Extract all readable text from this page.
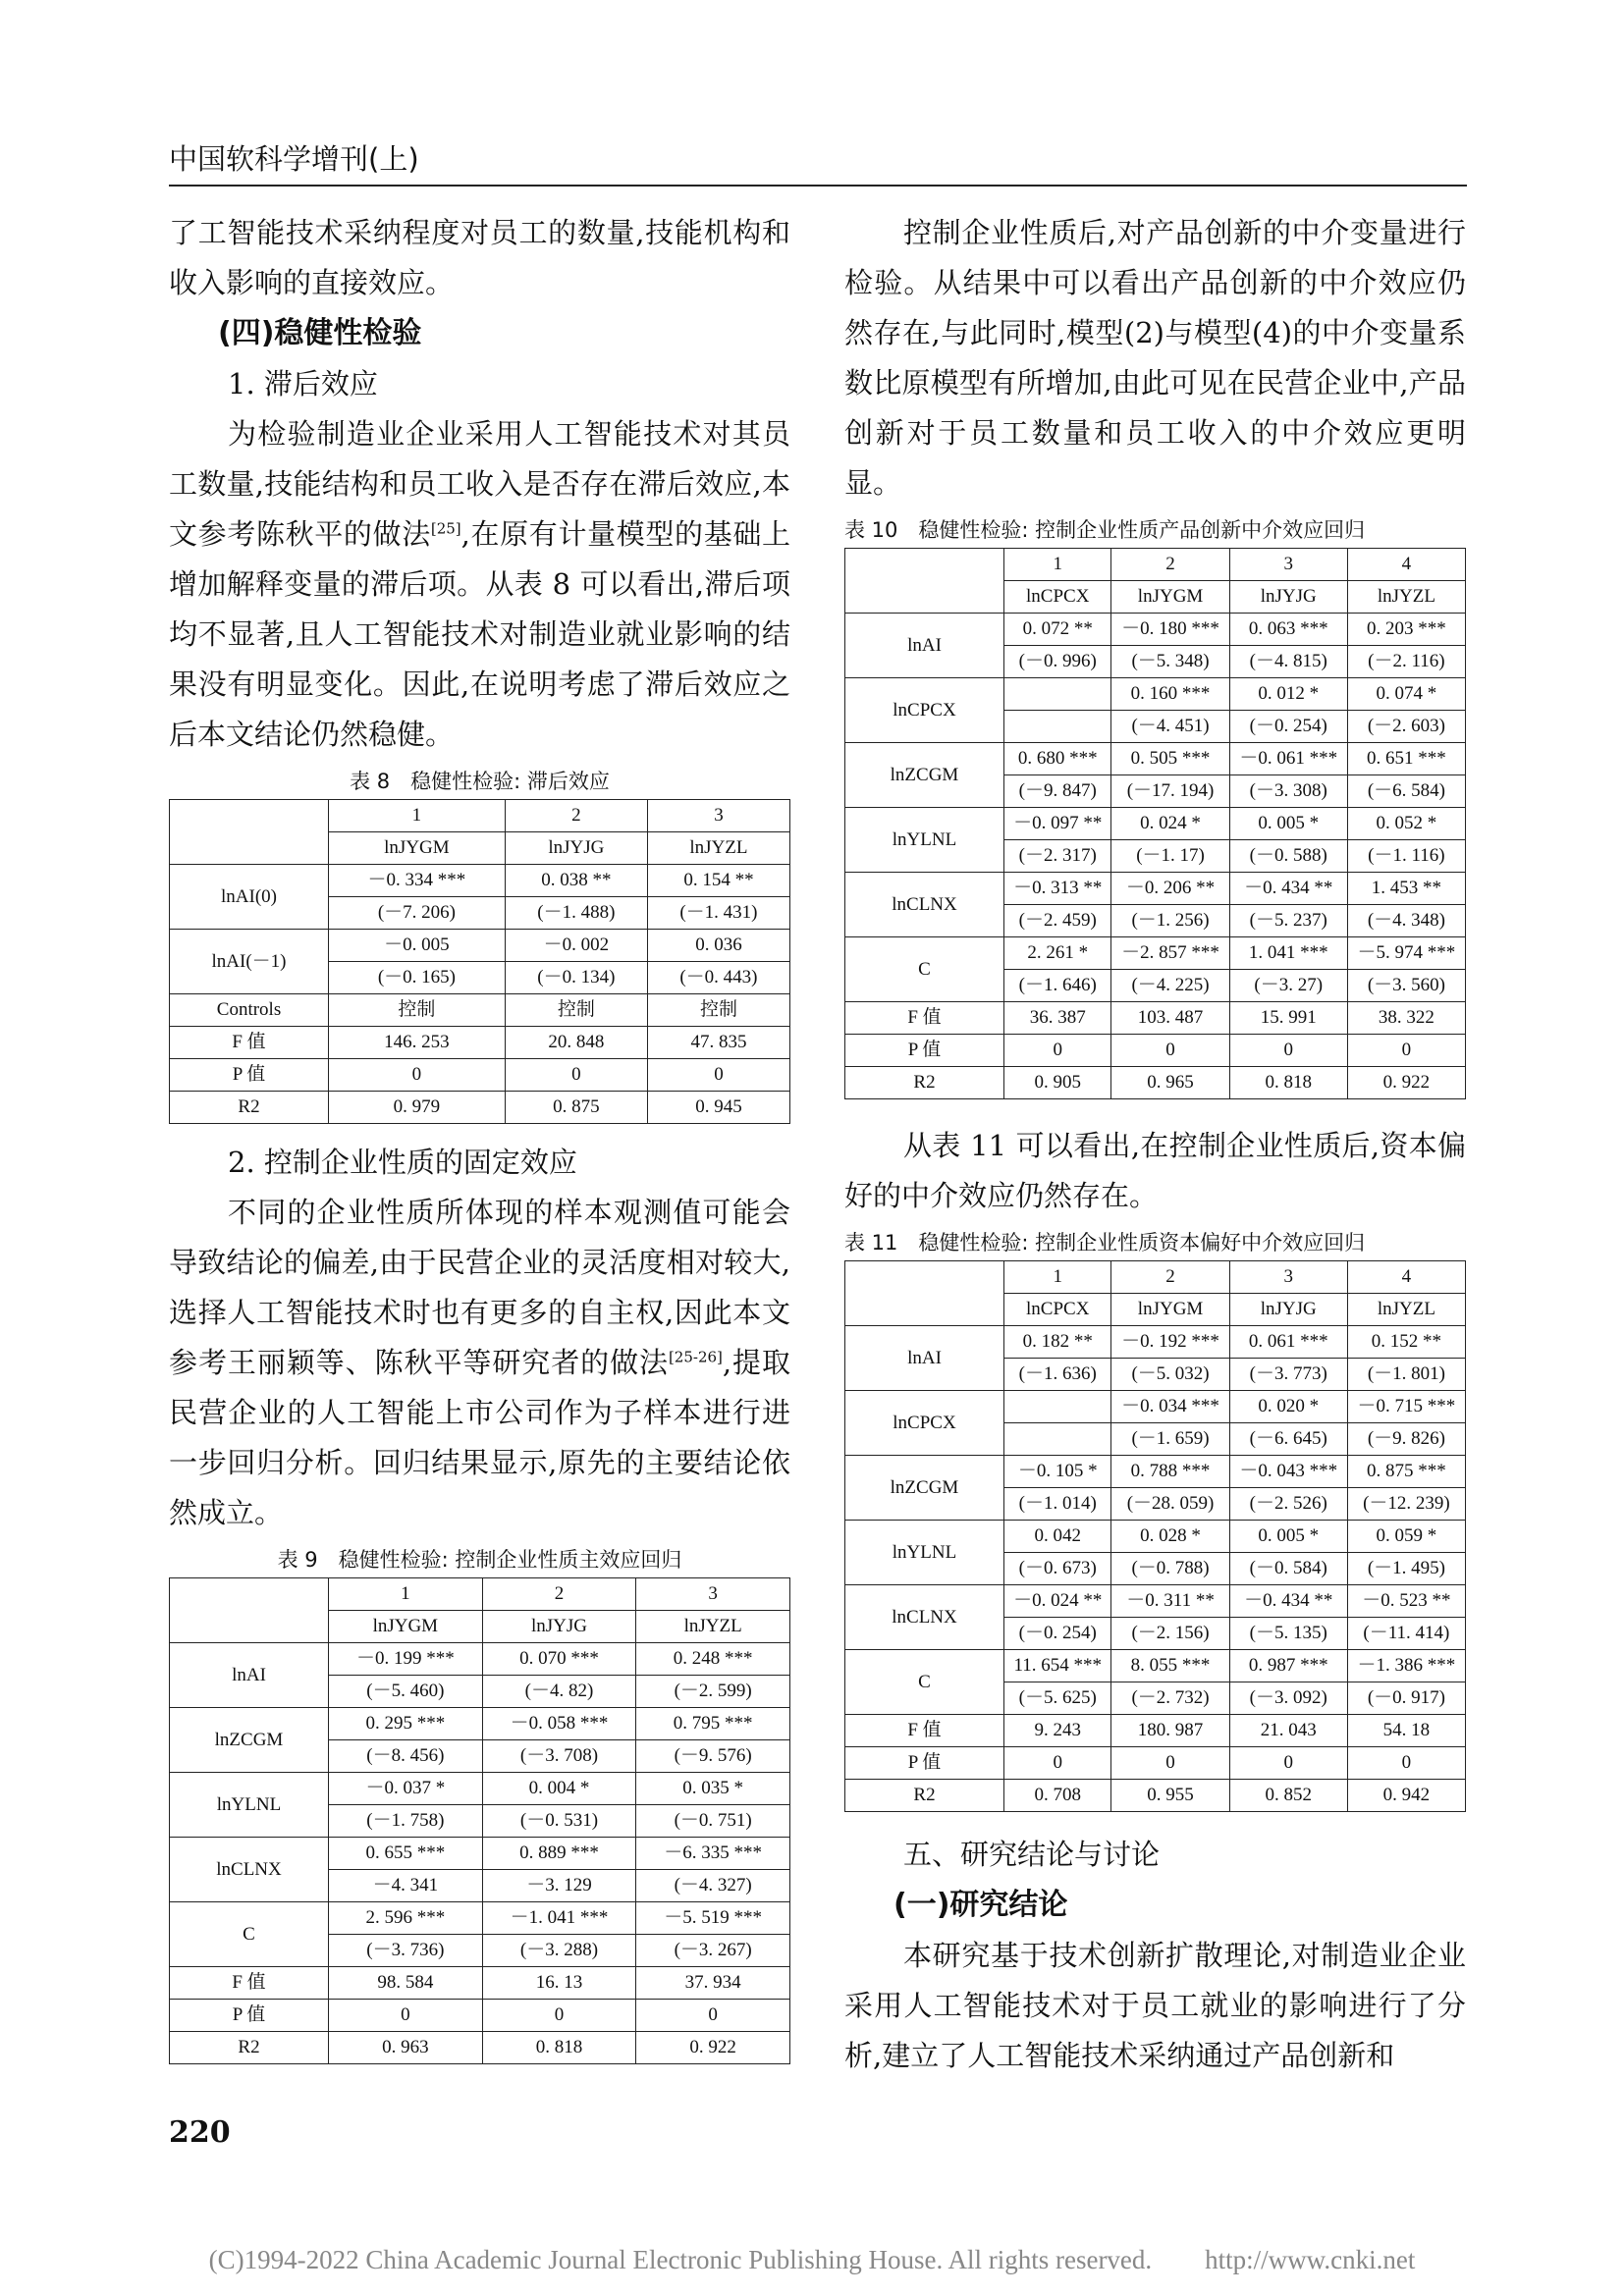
中国软科学增刊(上)

了工智能技术采纳程度对员工的数量,技能机构和收入影响的直接效应。

(四)稳健性检验

1. 滞后效应

为检验制造业企业采用人工智能技术对其员工数量,技能结构和员工收入是否存在滞后效应,本文参考陈秋平的做法[25],在原有计量模型的基础上增加解释变量的滞后项。从表 8 可以看出,滞后项均不显著,且人工智能技术对制造业就业影响的结果没有明显变化。因此,在说明考虑了滞后效应之后本文结论仍然稳健。

表 8　稳健性检验: 滞后效应
	1	2	3
	lnJYGM	lnJYJG	lnJYZL
lnAI(0)	－0. 334 ***	0. 038 **	0. 154 **
	(－7. 206)	(－1. 488)	(－1. 431)
lnAI(－1)	－0. 005	－0. 002	0. 036
	(－0. 165)	(－0. 134)	(－0. 443)
Controls	控制	控制	控制
F 值	146. 253	20. 848	47. 835
P 值	0	0	0
R2	0. 979	0. 875	0. 945

2. 控制企业性质的固定效应

不同的企业性质所体现的样本观测值可能会导致结论的偏差,由于民营企业的灵活度相对较大,选择人工智能技术时也有更多的自主权,因此本文参考王丽颖等、陈秋平等研究者的做法[25-26],提取民营企业的人工智能上市公司作为子样本进行进一步回归分析。回归结果显示,原先的主要结论依然成立。

表 9　稳健性检验: 控制企业性质主效应回归
	1	2	3
	lnJYGM	lnJYJG	lnJYZL
lnAI	－0. 199 ***	0. 070 ***	0. 248 ***
	(－5. 460)	(－4. 82)	(－2. 599)
lnZCGM	0. 295 ***	－0. 058 ***	0. 795 ***
	(－8. 456)	(－3. 708)	(－9. 576)
lnYLNL	－0. 037 *	0. 004 *	0. 035 *
	(－1. 758)	(－0. 531)	(－0. 751)
lnCLNX	0. 655 ***	0. 889 ***	－6. 335 ***
	－4. 341	－3. 129	(－4. 327)
C	2. 596 ***	－1. 041 ***	－5. 519 ***
	(－3. 736)	(－3. 288)	(－3. 267)
F 值	98. 584	16. 13	37. 934
P 值	0	0	0
R2	0. 963	0. 818	0. 922

控制企业性质后,对产品创新的中介变量进行检验。从结果中可以看出产品创新的中介效应仍然存在,与此同时,模型(2)与模型(4)的中介变量系数比原模型有所增加,由此可见在民营企业中,产品创新对于员工数量和员工收入的中介效应更明显。

表 10　稳健性检验: 控制企业性质产品创新中介效应回归
	1	2	3	4
	lnCPCX	lnJYGM	lnJYJG	lnJYZL
lnAI	0. 072 **	－0. 180 ***	0. 063 ***	0. 203 ***
	(－0. 996)	(－5. 348)	(－4. 815)	(－2. 116)
lnCPCX		0. 160 ***	0. 012 *	0. 074 *
		(－4. 451)	(－0. 254)	(－2. 603)
lnZCGM	0. 680 ***	0. 505 ***	－0. 061 ***	0. 651 ***
	(－9. 847)	(－17. 194)	(－3. 308)	(－6. 584)
lnYLNL	－0. 097 **	0. 024 *	0. 005 *	0. 052 *
	(－2. 317)	(－1. 17)	(－0. 588)	(－1. 116)
lnCLNX	－0. 313 **	－0. 206 **	－0. 434 **	1. 453 **
	(－2. 459)	(－1. 256)	(－5. 237)	(－4. 348)
C	2. 261 *	－2. 857 ***	1. 041 ***	－5. 974 ***
	(－1. 646)	(－4. 225)	(－3. 27)	(－3. 560)
F 值	36. 387	103. 487	15. 991	38. 322
P 值	0	0	0	0
R2	0. 905	0. 965	0. 818	0. 922

从表 11 可以看出,在控制企业性质后,资本偏好的中介效应仍然存在。

表 11　稳健性检验: 控制企业性质资本偏好中介效应回归
	1	2	3	4
	lnCPCX	lnJYGM	lnJYJG	lnJYZL
lnAI	0. 182 **	－0. 192 ***	0. 061 ***	0. 152 **
	(－1. 636)	(－5. 032)	(－3. 773)	(－1. 801)
lnCPCX		－0. 034 ***	0. 020 *	－0. 715 ***
		(－1. 659)	(－6. 645)	(－9. 826)
lnZCGM	－0. 105 *	0. 788 ***	－0. 043 ***	0. 875 ***
	(－1. 014)	(－28. 059)	(－2. 526)	(－12. 239)
lnYLNL	0. 042	0. 028 *	0. 005 *	0. 059 *
	(－0. 673)	(－0. 788)	(－0. 584)	(－1. 495)
lnCLNX	－0. 024 **	－0. 311 **	－0. 434 **	－0. 523 **
	(－0. 254)	(－2. 156)	(－5. 135)	(－11. 414)
C	11. 654 ***	8. 055 ***	0. 987 ***	－1. 386 ***
	(－5. 625)	(－2. 732)	(－3. 092)	(－0. 917)
F 值	9. 243	180. 987	21. 043	54. 18
P 值	0	0	0	0
R2	0. 708	0. 955	0. 852	0. 942

五、研究结论与讨论

(一)研究结论

本研究基于技术创新扩散理论,对制造业企业采用人工智能技术对于员工就业的影响进行了分析,建立了人工智能技术采纳通过产品创新和

220
(C)1994-2022 China Academic Journal Electronic Publishing House. All rights reserved.　　http://www.cnki.net
